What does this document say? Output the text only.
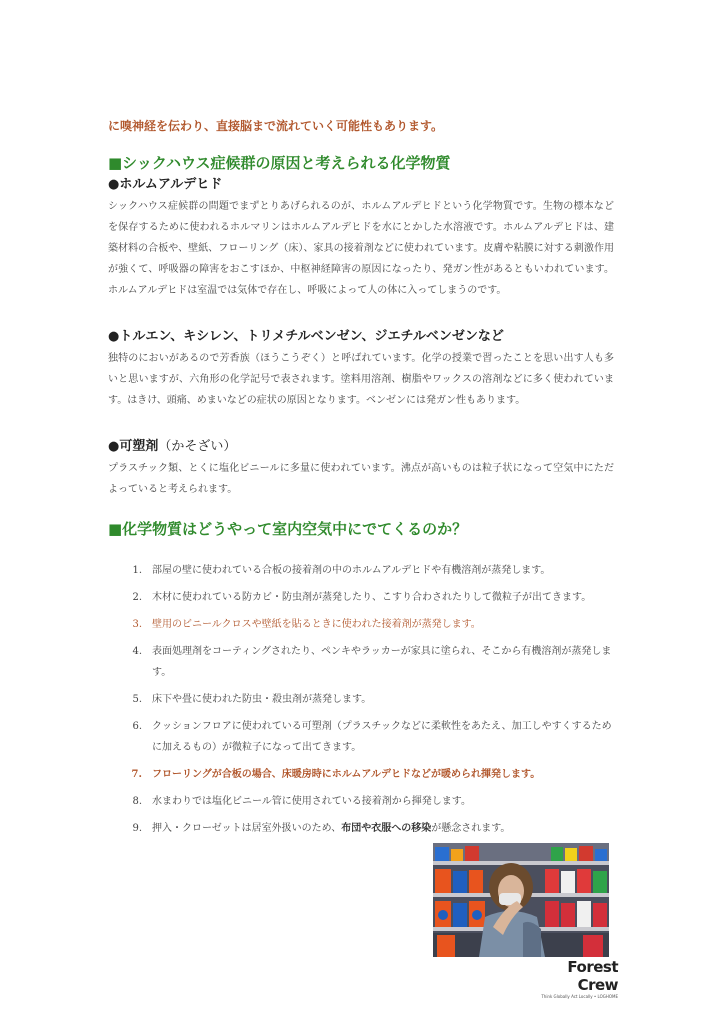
に嗅神経を伝わり、直接脳まで流れていく可能性もあります。
■シックハウス症候群の原因と考えられる化学物質
●ホルムアルデヒド
シックハウス症候群の問題でまずとりあげられるのが、ホルムアルデヒドという化学物質です。生物の標本などを保存するために使われるホルマリンはホルムアルデヒドを水にとかした水溶液です。ホルムアルデヒドは、建築材料の合板や、壁紙、フローリング（床）、家具の接着剤などに使われています。皮膚や粘膜に対する刺激作用が強くて、呼吸器の障害をおこすほか、中枢神経障害の原因になったり、発ガン性があるともいわれています。ホルムアルデヒドは室温では気体で存在し、呼吸によって人の体に入ってしまうのです。
●トルエン、キシレン、トリメチルベンゼン、ジエチルベンゼンなど
独特のにおいがあるので芳香族（ほうこうぞく）と呼ばれています。化学の授業で習ったことを思い出す人も多いと思いますが、六角形の化学記号で表されます。塗料用溶剤、樹脂やワックスの溶剤などに多く使われています。はきけ、頭痛、めまいなどの症状の原因となります。ベンゼンには発ガン性もあります。
●可塑剤（かそざい）
プラスチック類、とくに塩化ビニールに多量に使われています。沸点が高いものは粒子状になって空気中にただよっていると考えられます。
■化学物質はどうやって室内空気中にでてくるのか？
1. 部屋の壁に使われている合板の接着剤の中のホルムアルデヒドや有機溶剤が蒸発します。
2. 木材に使われている防カビ・防虫剤が蒸発したり、こすり合わされたりして微粒子が出てきます。
3. 壁用のビニールクロスや壁紙を貼るときに使われた接着剤が蒸発します。
4. 表面処理剤をコーティングされたり、ペンキやラッカーが家具に塗られ、そこから有機溶剤が蒸発します。
5. 床下や畳に使われた防虫・殺虫剤が蒸発します。
6. クッションフロアに使われている可塑剤（プラスチックなどに柔軟性をあたえ、加工しやすくするために加えるもの）が微粒子になって出てきます。
7. フローリングが合板の場合、床暖房時にホルムアルデヒドなどが暖められ揮発します。
8. 水まわりでは塩化ビニール管に使用されている接着剤から揮発します。
9. 押入・クローゼットは居室外扱いのため、布団や衣服への移染が懸念されます。
Forest Crew
Think Globally Act Locally • LOGHOME
